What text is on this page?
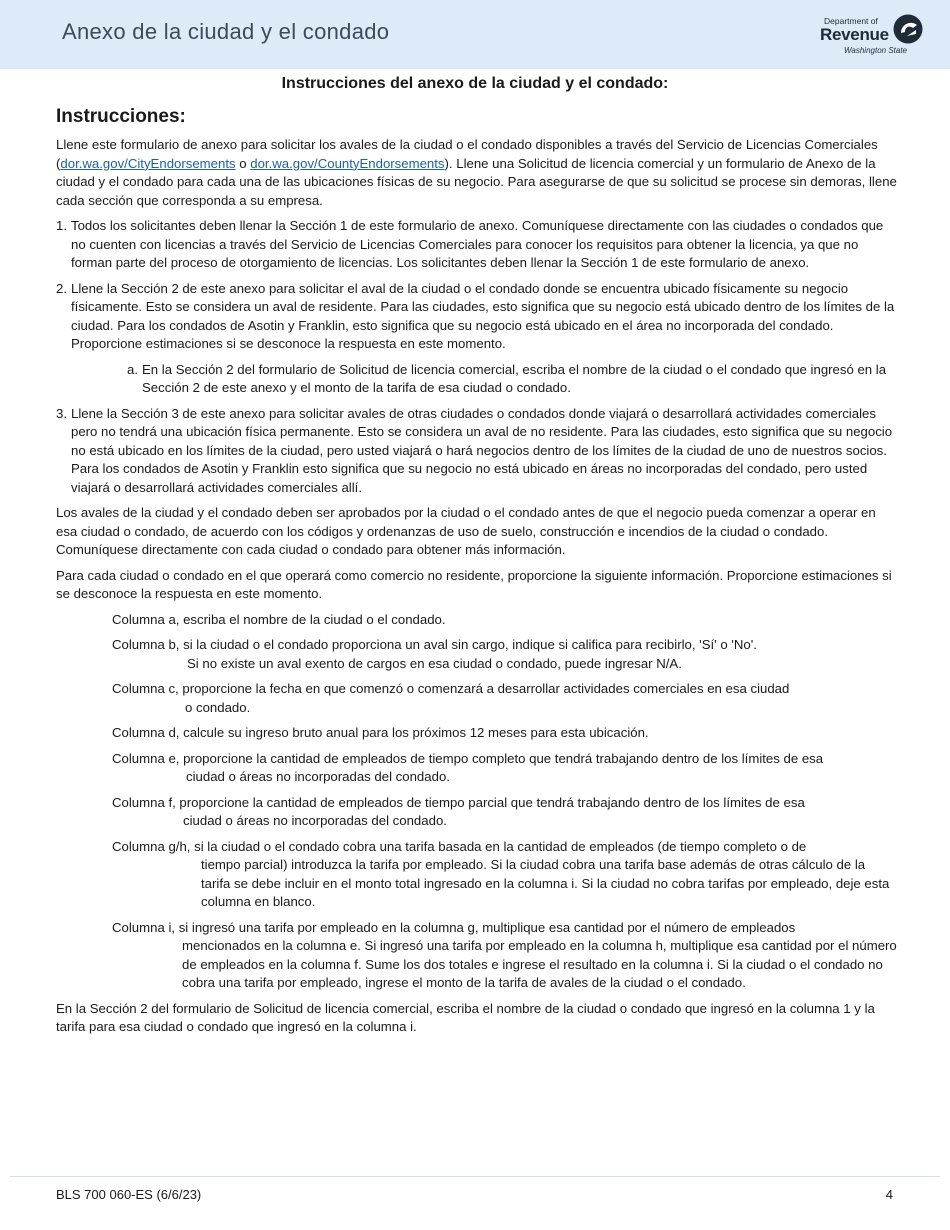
Anexo de la ciudad y el condado	Department of
Revenue
Washington State
Instrucciones del anexo de la ciudad y el condado:
Instrucciones:

Llene este formulario de anexo para solicitar los avales de la ciudad o el condado disponibles a través del Servicio de Licencias Comerciales (dor.wa.gov/CityEndorsements o dor.wa.gov/CountyEndorsements). Llene una Solicitud de licencia comercial y un formulario de Anexo de la ciudad y el condado para cada una de las ubicaciones físicas de su negocio. Para asegurarse de que su solicitud se procese sin demoras, llene cada sección que corresponda a su empresa.

1. Todos los solicitantes deben llenar la Sección 1 de este formulario de anexo. Comuníquese directamente con las ciudades o condados que no cuenten con licencias a través del Servicio de Licencias Comerciales para conocer los requisitos para obtener la licencia, ya que no forman parte del proceso de otorgamiento de licencias. Los solicitantes deben llenar la Sección 1 de este formulario de anexo.
2. Llene la Sección 2 de este anexo para solicitar el aval de la ciudad o el condado donde se encuentra ubicado físicamente su negocio físicamente. Esto se considera un aval de residente. Para las ciudades, esto significa que su negocio está ubicado dentro de los límites de la ciudad. Para los condados de Asotin y Franklin, esto significa que su negocio está ubicado en el área no incorporada del condado. Proporcione estimaciones si se desconoce la respuesta en este momento.
a. En la Sección 2 del formulario de Solicitud de licencia comercial, escriba el nombre de la ciudad o el condado que ingresó en la Sección 2 de este anexo y el monto de la tarifa de esa ciudad o condado.
3. Llene la Sección 3 de este anexo para solicitar avales de otras ciudades o condados donde viajará o desarrollará actividades comerciales pero no tendrá una ubicación física permanente. Esto se considera un aval de no residente. Para las ciudades, esto significa que su negocio no está ubicado en los límites de la ciudad, pero usted viajará o hará negocios dentro de los límites de la ciudad de uno de nuestros socios. Para los condados de Asotin y Franklin esto significa que su negocio no está ubicado en áreas no incorporadas del condado, pero usted viajará o desarrollará actividades comerciales allí.

Los avales de la ciudad y el condado deben ser aprobados por la ciudad o el condado antes de que el negocio pueda comenzar a operar en esa ciudad o condado, de acuerdo con los códigos y ordenanzas de uso de suelo, construcción e incendios de la ciudad o condado. Comuníquese directamente con cada ciudad o condado para obtener más información.

Para cada ciudad o condado en el que operará como comercio no residente, proporcione la siguiente información. Proporcione estimaciones si se desconoce la respuesta en este momento.

Columna a, escriba el nombre de la ciudad o el condado.
Columna b, si la ciudad o el condado proporciona un aval sin cargo, indique si califica para recibirlo, 'Sí' o 'No'.
Si no existe un aval exento de cargos en esa ciudad o condado, puede ingresar N/A.
Columna c, proporcione la fecha en que comenzó o comenzará a desarrollar actividades comerciales en esa ciudad
o condado.
Columna d, calcule su ingreso bruto anual para los próximos 12 meses para esta ubicación.
Columna e, proporcione la cantidad de empleados de tiempo completo que tendrá trabajando dentro de los límites de esa
ciudad o áreas no incorporadas del condado.
Columna f, proporcione la cantidad de empleados de tiempo parcial que tendrá trabajando dentro de los límites de esa
ciudad o áreas no incorporadas del condado.
Columna g/h, si la ciudad o el condado cobra una tarifa basada en la cantidad de empleados (de tiempo completo o de
tiempo parcial) introduzca la tarifa por empleado. Si la ciudad cobra una tarifa base además de otras cálculo de la tarifa se debe incluir en el monto total ingresado en la columna i. Si la ciudad no cobra tarifas por empleado, deje esta columna en blanco.
Columna i, si ingresó una tarifa por empleado en la columna g, multiplique esa cantidad por el número de empleados
mencionados en la columna e. Si ingresó una tarifa por empleado en la columna h, multiplique esa cantidad por el número de empleados en la columna f. Sume los dos totales e ingrese el resultado en la columna i. Si la ciudad o el condado no cobra una tarifa por empleado, ingrese el monto de la tarifa de avales de la ciudad o el condado.

En la Sección 2 del formulario de Solicitud de licencia comercial, escriba el nombre de la ciudad o condado que ingresó en la columna 1 y la tarifa para esa ciudad o condado que ingresó en la columna i.

BLS 700 060-ES (6/6/23)	4
